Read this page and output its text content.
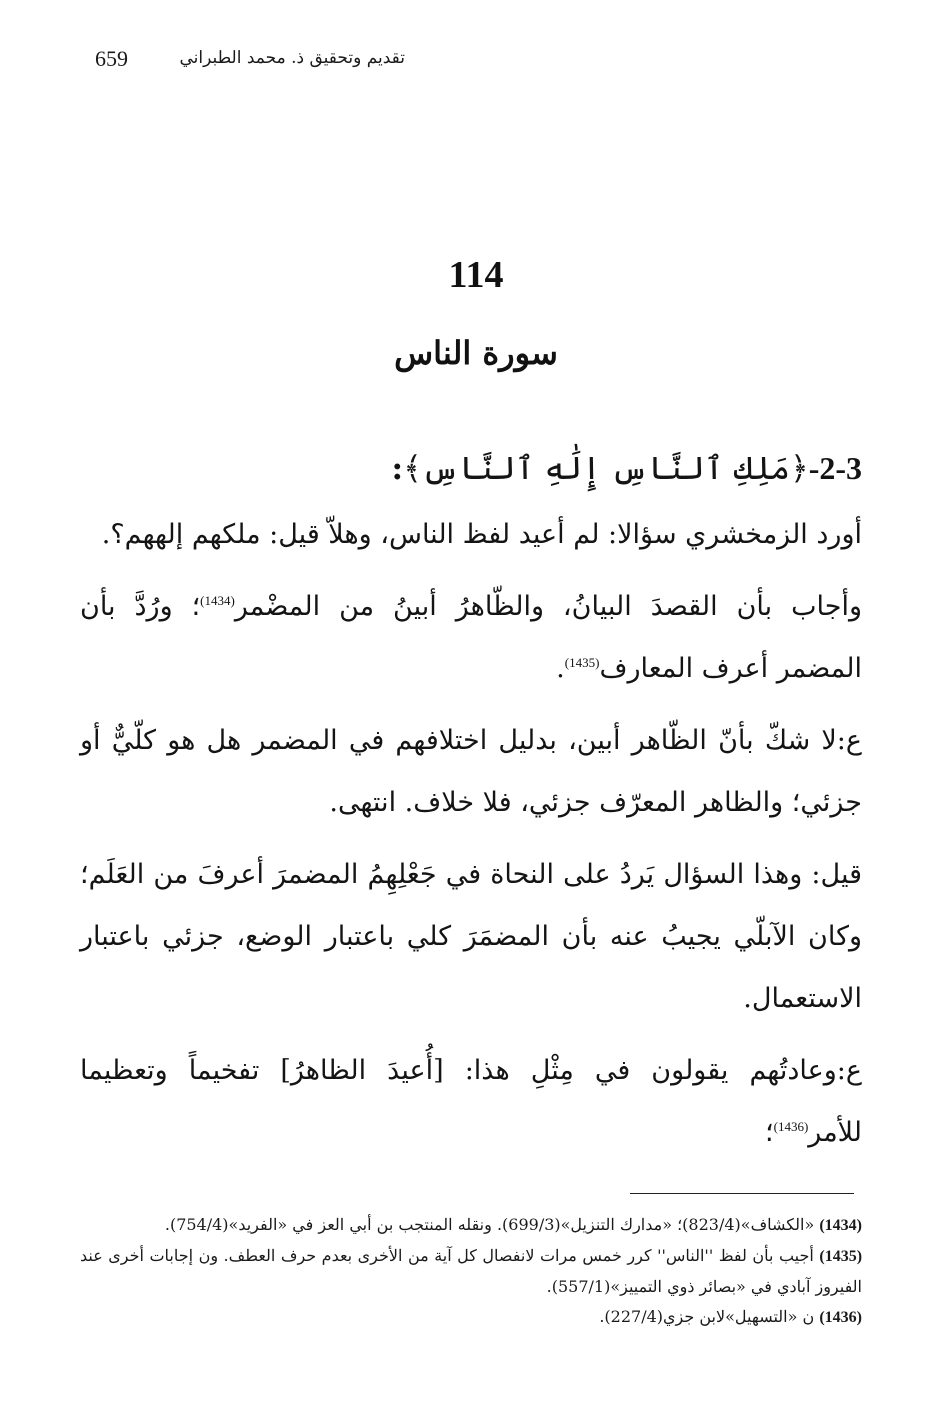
659	تقديم وتحقيق ذ. محمد الطبراني
114
سورة الناس

2-3-﴿مَلِكِ ٱلنَّاسِ إِلَٰهِ ٱلنَّاسِ﴾:

أورد الزمخشري سؤالا: لم أعيد لفظ الناس، وهلاّ قيل: ملكهم إلههم؟.

وأجاب بأن القصدَ البيانُ، والظّاهرُ أبينُ من المضْمر$^{(1434)}$؛ ورُدَّ بأن المضمر أعرف المعارف$^{(1435)}$.

ع:لا شكّ بأنّ الظّاهر أبين، بدليل اختلافهم في المضمر هل هو كلّيٌّ أو جزئي؛ والظاهر المعرّف جزئي، فلا خلاف. انتهى.

قيل: وهذا السؤال يَردُ على النحاة في جَعْلِهِمُ المضمرَ أعرفَ من العَلَم؛ وكان الآبلّي يجيبُ عنه بأن المضمَرَ كلي باعتبار الوضع، جزئي باعتبار الاستعمال.

ع:وعادتُهم يقولون في مِثْلِ هذا: [أُعيدَ الظاهرُ] تفخيماً وتعظيما للأمر$^{(1436)}$؛

(1434) «الكشاف»(823/4)؛ «مدارك التنزيل»(699/3). ونقله المنتجب بن أبي العز في «الفريد»(754/4).

(1435) أجيب بأن لفظ ''الناس'' كرر خمس مرات لانفصال كل آية من الأخرى بعدم حرف العطف. ون إجابات أخرى عند الفيروز آبادي في «بصائر ذوي التمييز»(557/1).

(1436) ن «التسهيل»لابن جزي(227/4).
